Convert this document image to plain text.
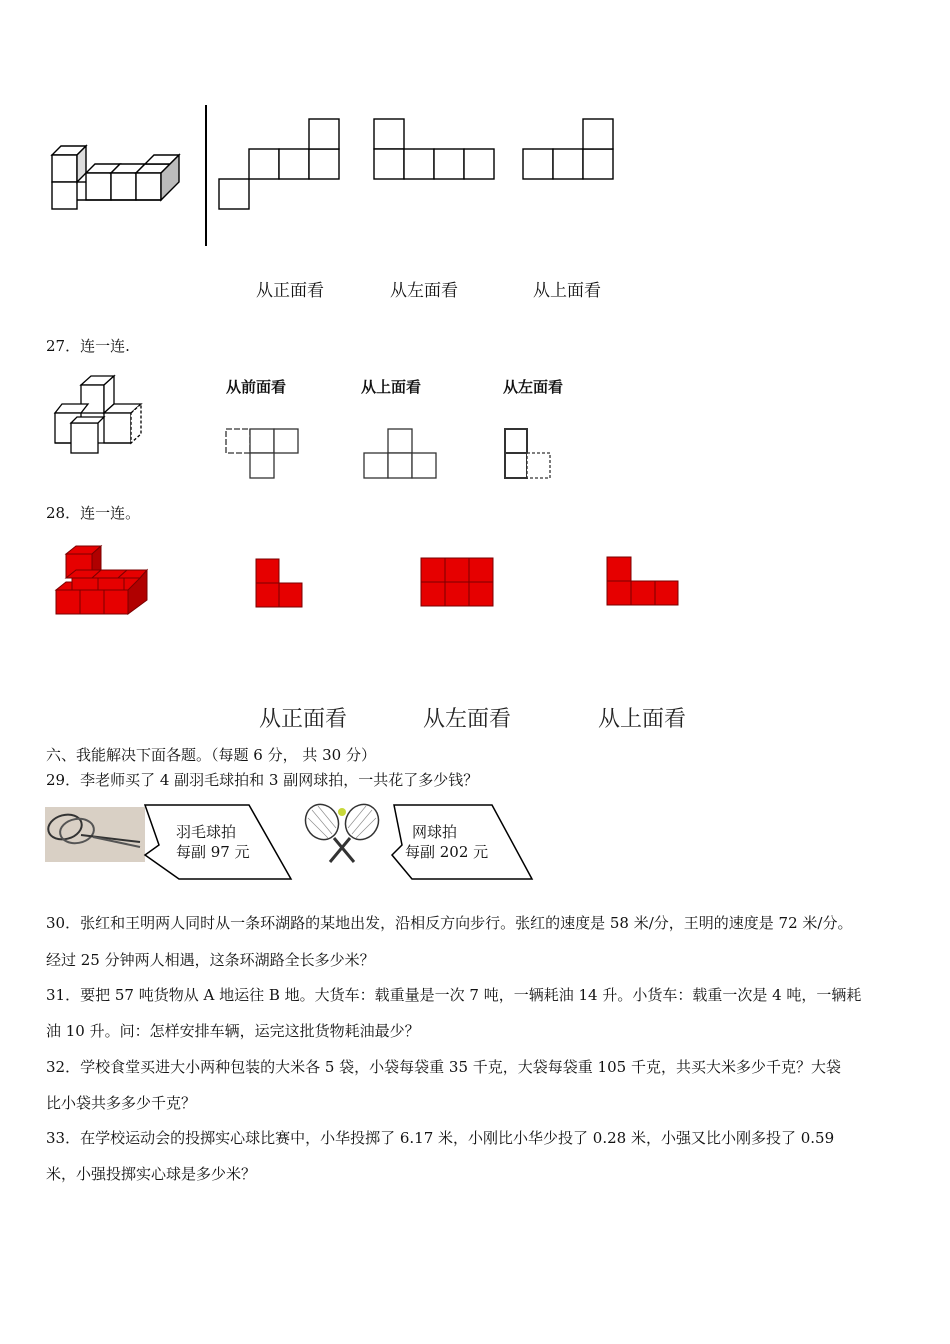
从正面看	从左面看	从上面看
27．连一连.
从前面看	从上面看	从左面看
28．连一连。
从正面看	从左面看	从上面看
六、我能解决下面各题。（每题 6 分， 共 30 分）
29．李老师买了 4 副羽毛球拍和 3 副网球拍，一共花了多少钱？
羽毛球拍
每副 97 元
网球拍
每副 202 元
30．张红和王明两人同时从一条环湖路的某地出发，沿相反方向步行。张红的速度是 58 米/分，王明的速度是 72 米/分。
经过 25 分钟两人相遇，这条环湖路全长多少米？
31．要把 57 吨货物从 A 地运往 B 地。大货车：载重量是一次 7 吨，一辆耗油 14 升。小货车：载重一次是 4 吨，一辆耗
油 10 升。问：怎样安排车辆，运完这批货物耗油最少？
32．学校食堂买进大小两种包装的大米各 5 袋，小袋每袋重 35 千克，大袋每袋重 105 千克，共买大米多少千克？大袋
比小袋共多多少千克？
33．在学校运动会的投掷实心球比赛中，小华投掷了 6.17 米，小刚比小华少投了 0.28 米，小强又比小刚多投了 0.59
米，小强投掷实心球是多少米？
